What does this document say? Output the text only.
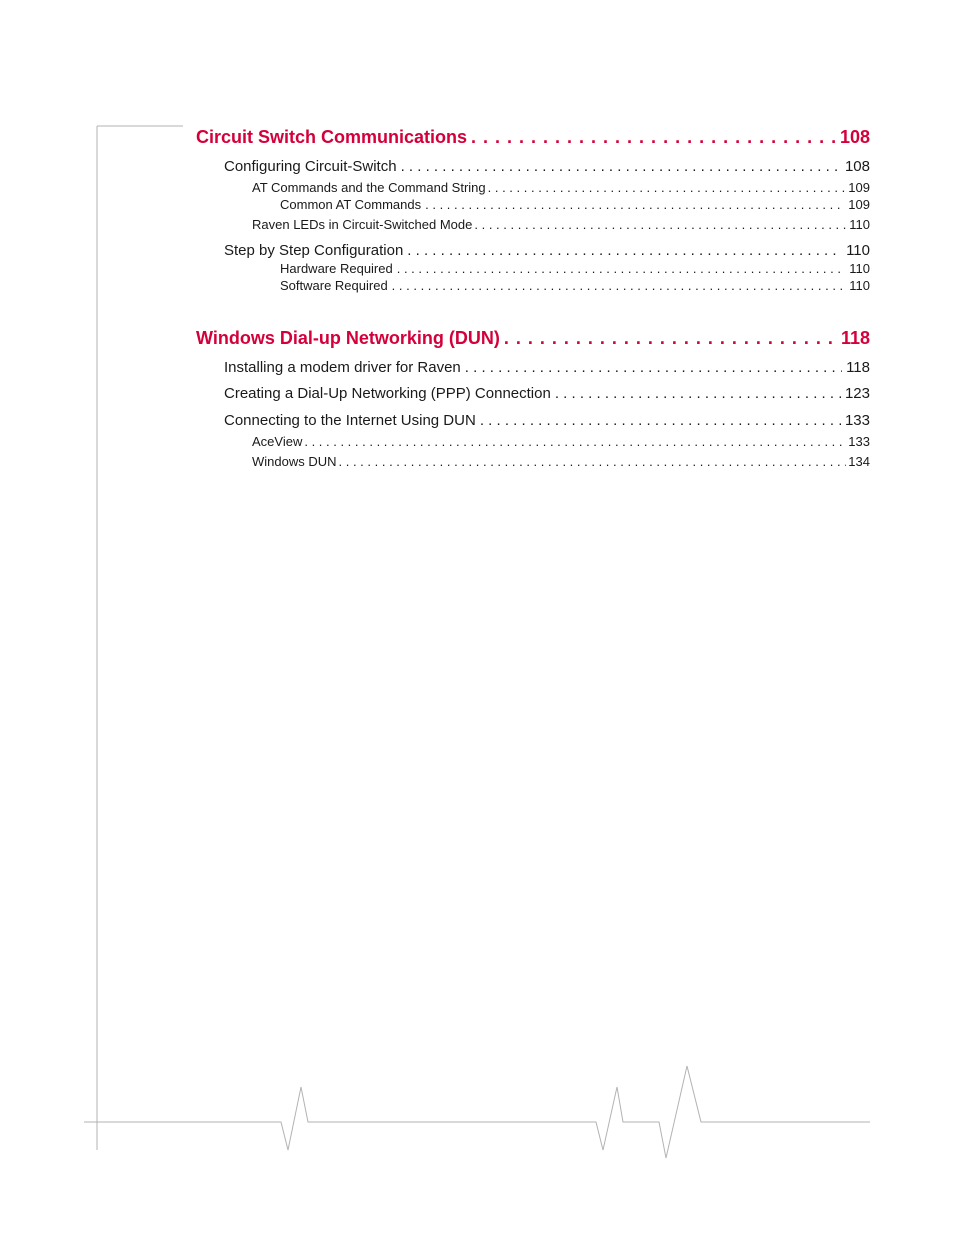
Circuit Switch Communications . . .	108
Configuring Circuit-Switch . . .	108
AT Commands and the Command String . . .	109
Common AT Commands . . .	109
Raven LEDs in Circuit-Switched Mode . . .	110
Step by Step Configuration . . .	110
Hardware Required . . .	110
Software Required . . .	110
Windows Dial-up Networking (DUN) . . .	118
Installing a modem driver for Raven . . .	118
Creating a Dial-Up Networking (PPP) Connection . . .	123
Connecting to the Internet Using DUN . . .	133
AceView . . .	133
Windows DUN . . .	134
